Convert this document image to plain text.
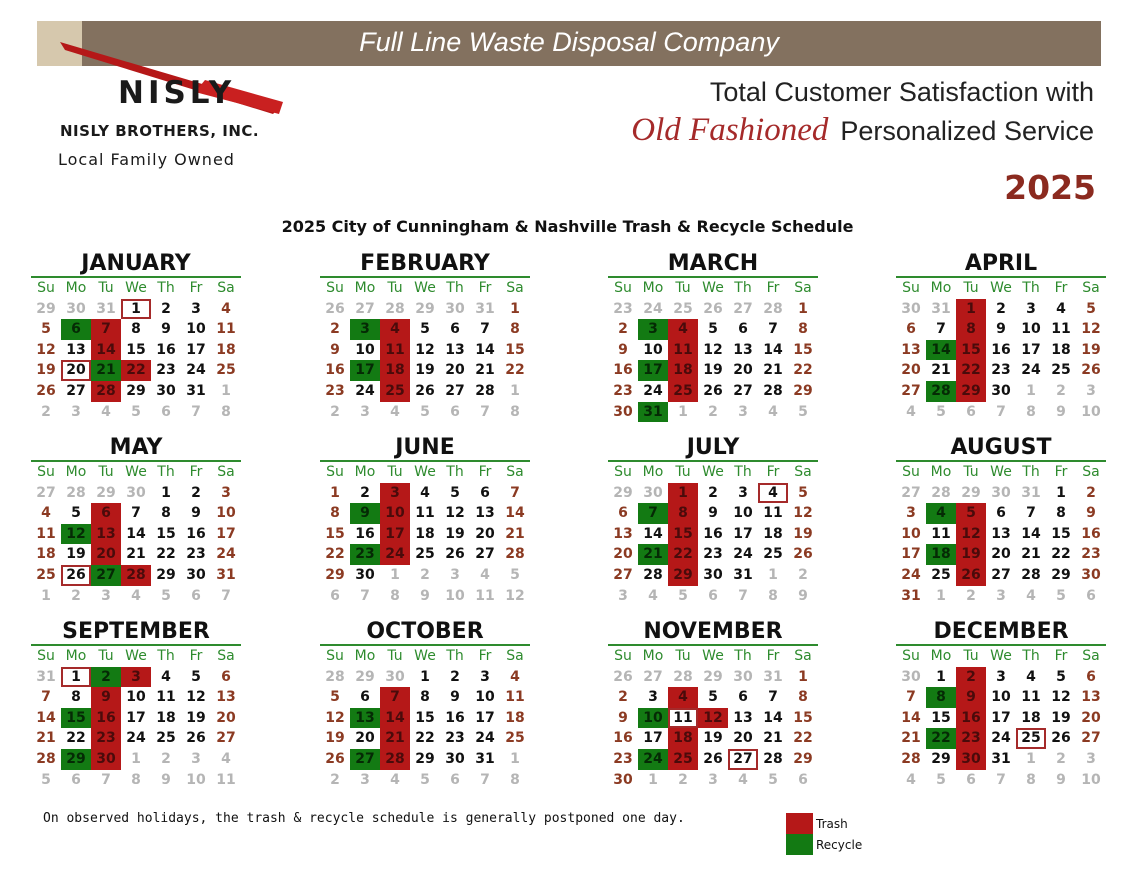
Full Line Waste Disposal Company
NISLY
NISLY BROTHERS, INC.
Local Family Owned
Total Customer Satisfaction with
Old Fashioned Personalized Service
2025
2025 City of Cunningham & Nashville Trash & Recycle Schedule
JANUARY
Su Mo Tu We Th	Fr	Sa
29 30 31	1	2	3	4
5	6	7	8	9	10 11
12 13 14 15 16 17 18
19 20 21 22 23 24 25
26 27 28 29 30 31	1
2	3	4	5	6	7	8
FEBRUARY
Su Mo Tu We Th	Fr	Sa
26 27 28 29 30 31	1
2	3	4	5	6	7	8
9	10 11 12 13 14 15
16 17 18 19 20 21 22
23 24 25 26 27 28	1
2	3	4	5	6	7	8
MARCH
Su Mo Tu We Th	Fr	Sa
23 24 25 26 27 28	1
2	3	4	5	6	7	8
9	10 11 12 13 14 15
16 17 18 19 20 21 22
23 24 25 26 27 28 29
30 31	1	2	3	4	5
APRIL
Su Mo Tu We Th	Fr	Sa
30 31	1	2	3	4	5
6	7	8	9	10 11 12
13 14 15 16 17 18 19
20 21 22 23 24 25 26
27 28 29 30	1	2	3
4	5	6	7	8	9	10
MAY
Su Mo Tu We Th	Fr	Sa
27 28 29 30	1	2	3
4	5	6	7	8	9	10
11 12 13 14 15 16 17
18 19 20 21 22 23 24
25 26 27 28 29 30 31
1	2	3	4	5	6	7
JUNE
Su Mo Tu We Th	Fr	Sa
1	2	3	4	5	6	7
8	9	10 11 12 13 14
15 16 17 18 19 20 21
22 23 24 25 26 27 28
29 30	1	2	3	4	5
6	7	8	9	10 11 12
JULY
Su Mo Tu We Th	Fr	Sa
29 30	1	2	3	4	5
6	7	8	9	10 11 12
13 14 15 16 17 18 19
20 21 22 23 24 25 26
27 28 29 30 31	1	2
3	4	5	6	7	8	9
AUGUST
Su Mo Tu We Th	Fr	Sa
27 28 29 30 31	1	2
3	4	5	6	7	8	9
10 11 12 13 14 15 16
17 18 19 20 21 22 23
24 25 26 27 28 29 30
31	1	2	3	4	5	6
SEPTEMBER
Su Mo Tu We Th	Fr	Sa
31	1	2	3	4	5	6
7	8	9	10 11 12 13
14 15 16 17 18 19 20
21 22 23 24 25 26 27
28 29 30	1	2	3	4
5	6	7	8	9	10 11
OCTOBER
Su Mo Tu We Th	Fr	Sa
28 29 30	1	2	3	4
5	6	7	8	9	10 11
12 13 14 15 16 17 18
19 20 21 22 23 24 25
26 27 28 29 30 31	1
2	3	4	5	6	7	8
NOVEMBER
Su Mo Tu We Th	Fr	Sa
26 27 28 29 30 31	1
2	3	4	5	6	7	8
9	10 11 12 13 14 15
16 17 18 19 20 21 22
23 24 25 26 27 28 29
30	1	2	3	4	5	6
DECEMBER
Su Mo Tu We Th	Fr	Sa
30	1	2	3	4	5	6
7	8	9	10 11 12 13
14 15 16 17 18 19 20
21 22 23 24 25 26 27
28 29 30 31	1	2	3
4	5	6	7	8	9	10
On observed holidays, the trash & recycle schedule is generally postponed one day.	Trash
Recycle
